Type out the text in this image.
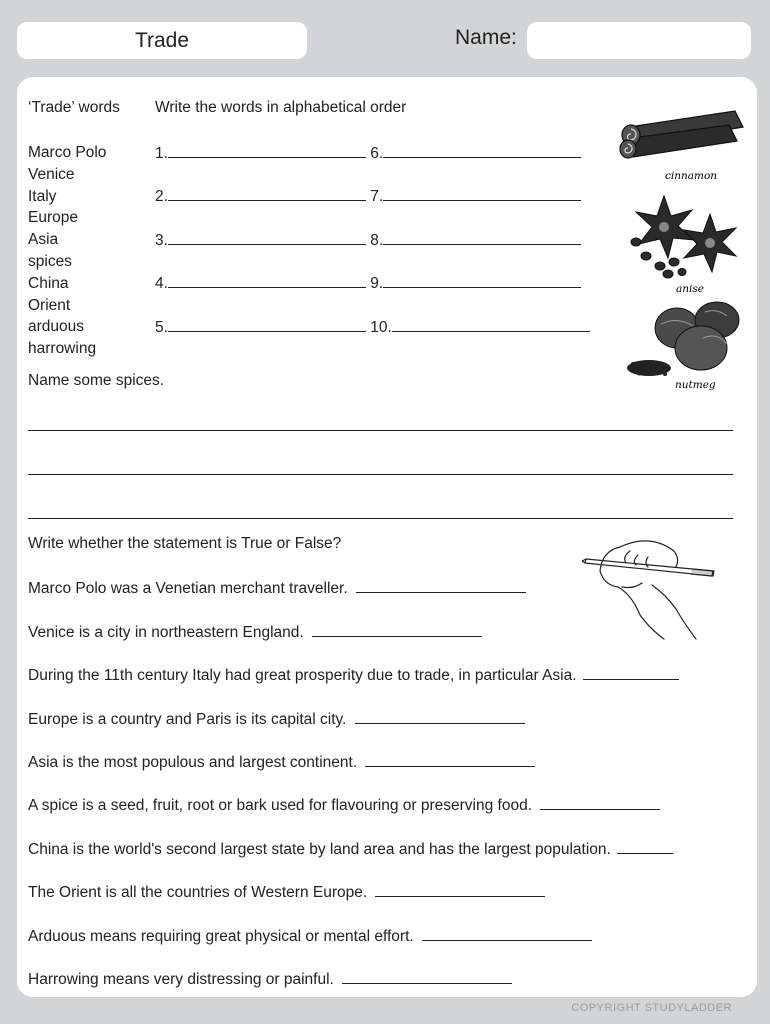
Trade	Name:
‘Trade’ words
Marco Polo
Venice
Italy
Europe
Asia
spices
China
Orient
arduous
harrowing
Write the words in alphabetical order
1.	6.
2.	7.
3.	8.
4.	9.
5.	10.
cinnamon
anise
nutmeg
Name some spices.
Write whether the statement is True or False?
Marco Polo was a Venetian merchant traveller.
Venice is a city in northeastern England.
During the 11th century Italy had great prosperity due to trade, in particular Asia.
Europe is a country and Paris is its capital city.
Asia is the most populous and largest continent.
A spice is a seed, fruit, root or bark used for flavouring or preserving food.
China is the world's second largest state by land area and has the largest population.
The Orient is all the countries of Western Europe.
Arduous means requiring great physical or mental effort.
Harrowing means very distressing or painful.
COPYRIGHT STUDYLADDER
